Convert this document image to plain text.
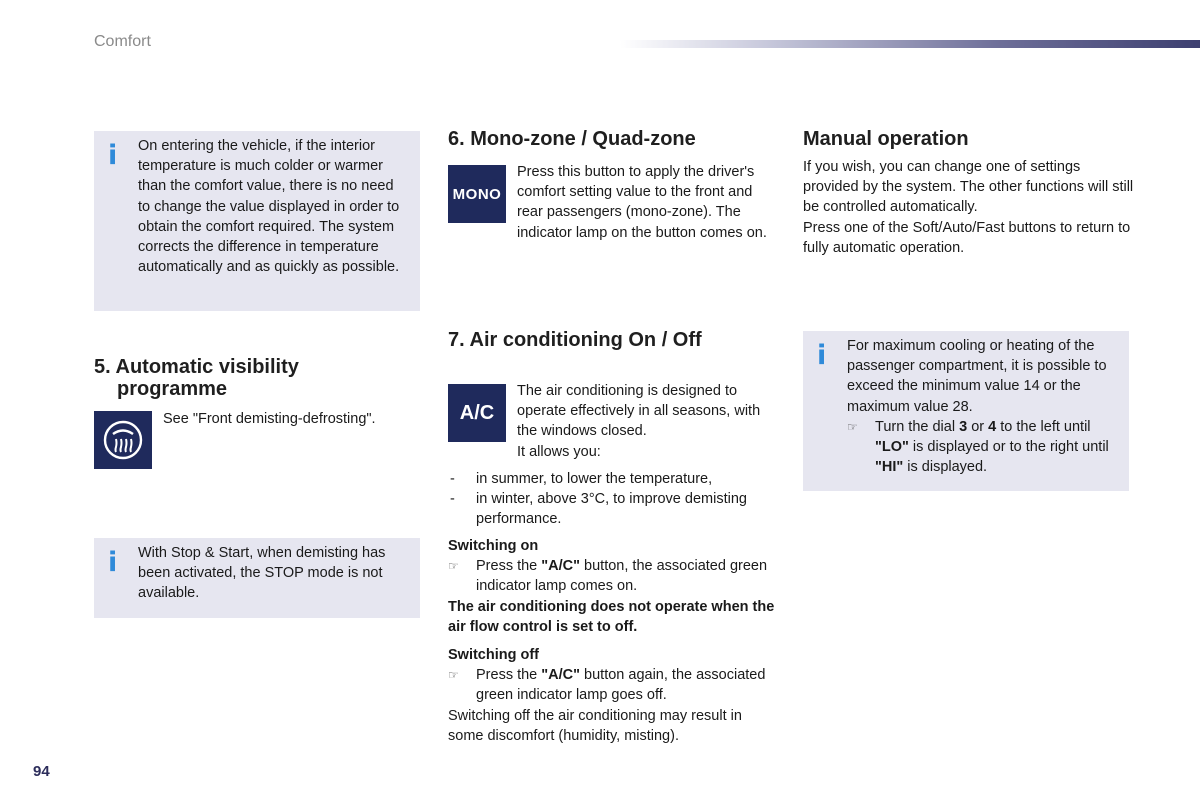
Comfort
i On entering the vehicle, if the interior temperature is much colder or warmer than the comfort value, there is no need to change the value displayed in order to obtain the comfort required. The system corrects the difference in temperature automatically and as quickly as possible.

5. Automatic visibility
programme

See "Front demisting-defrosting".

i With Stop & Start, when demisting has been activated, the STOP mode is not available.

6. Mono-zone / Quad-zone
MONO

Press this button to apply the driver's comfort setting value to the front and rear passengers (mono-zone). The indicator lamp on the button comes on.

7. Air conditioning On / Off
A/C

The air conditioning is designed to operate effectively in all seasons, with the windows closed.

It allows you:

- in summer, to lower the temperature,
- in winter, above 3°C, to improve demisting performance.

Switching on

☞ Press the "A/C" button, the associated green indicator lamp comes on.

The air conditioning does not operate when the air flow control is set to off.

Switching off

☞ Press the "A/C" button again, the associated green indicator lamp goes off.

Switching off the air conditioning may result in some discomfort (humidity, misting).

Manual operation

If you wish, you can change one of settings provided by the system. The other functions will still be controlled automatically.

Press one of the Soft/Auto/Fast buttons to return to fully automatic operation.

i For maximum cooling or heating of the passenger compartment, it is possible to exceed the minimum value 14 or the maximum value 28.

☞ Turn the dial 3 or 4 to the left until "LO" is displayed or to the right until "HI" is displayed.
94
